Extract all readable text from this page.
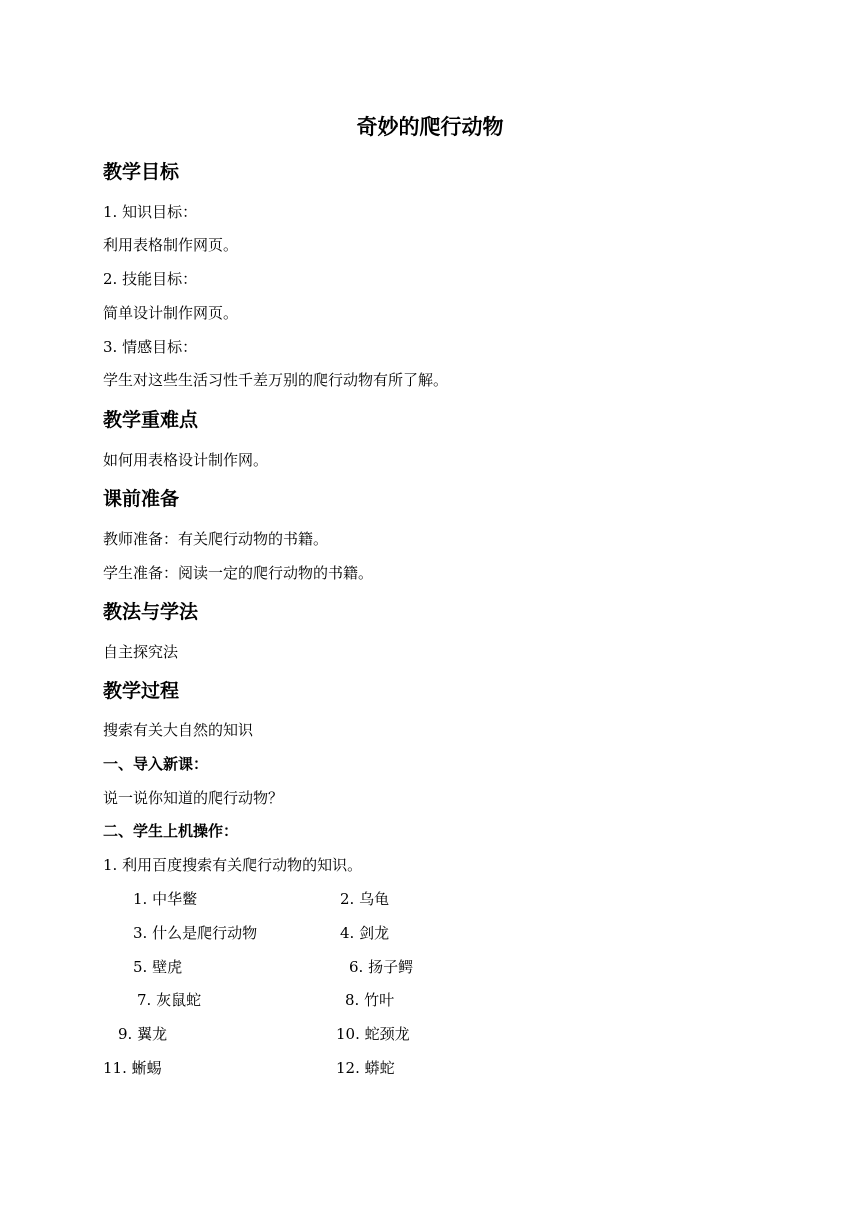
奇妙的爬行动物
教学目标
1. 知识目标：
利用表格制作网页。
2. 技能目标：
简单设计制作网页。
3. 情感目标：
学生对这些生活习性千差万别的爬行动物有所了解。
教学重难点
如何用表格设计制作网。
课前准备
教师准备：有关爬行动物的书籍。
学生准备：阅读一定的爬行动物的书籍。
教法与学法
自主探究法
教学过程
搜索有关大自然的知识
一、导入新课：
说一说你知道的爬行动物？
二、学生上机操作：
1. 利用百度搜索有关爬行动物的知识。
1. 中华鳖	2. 乌龟
3. 什么是爬行动物	4. 剑龙
5. 壁虎	6. 扬子鳄
7. 灰鼠蛇	8. 竹叶
9. 翼龙	10. 蛇颈龙
11. 蜥蜴	12. 蟒蛇
